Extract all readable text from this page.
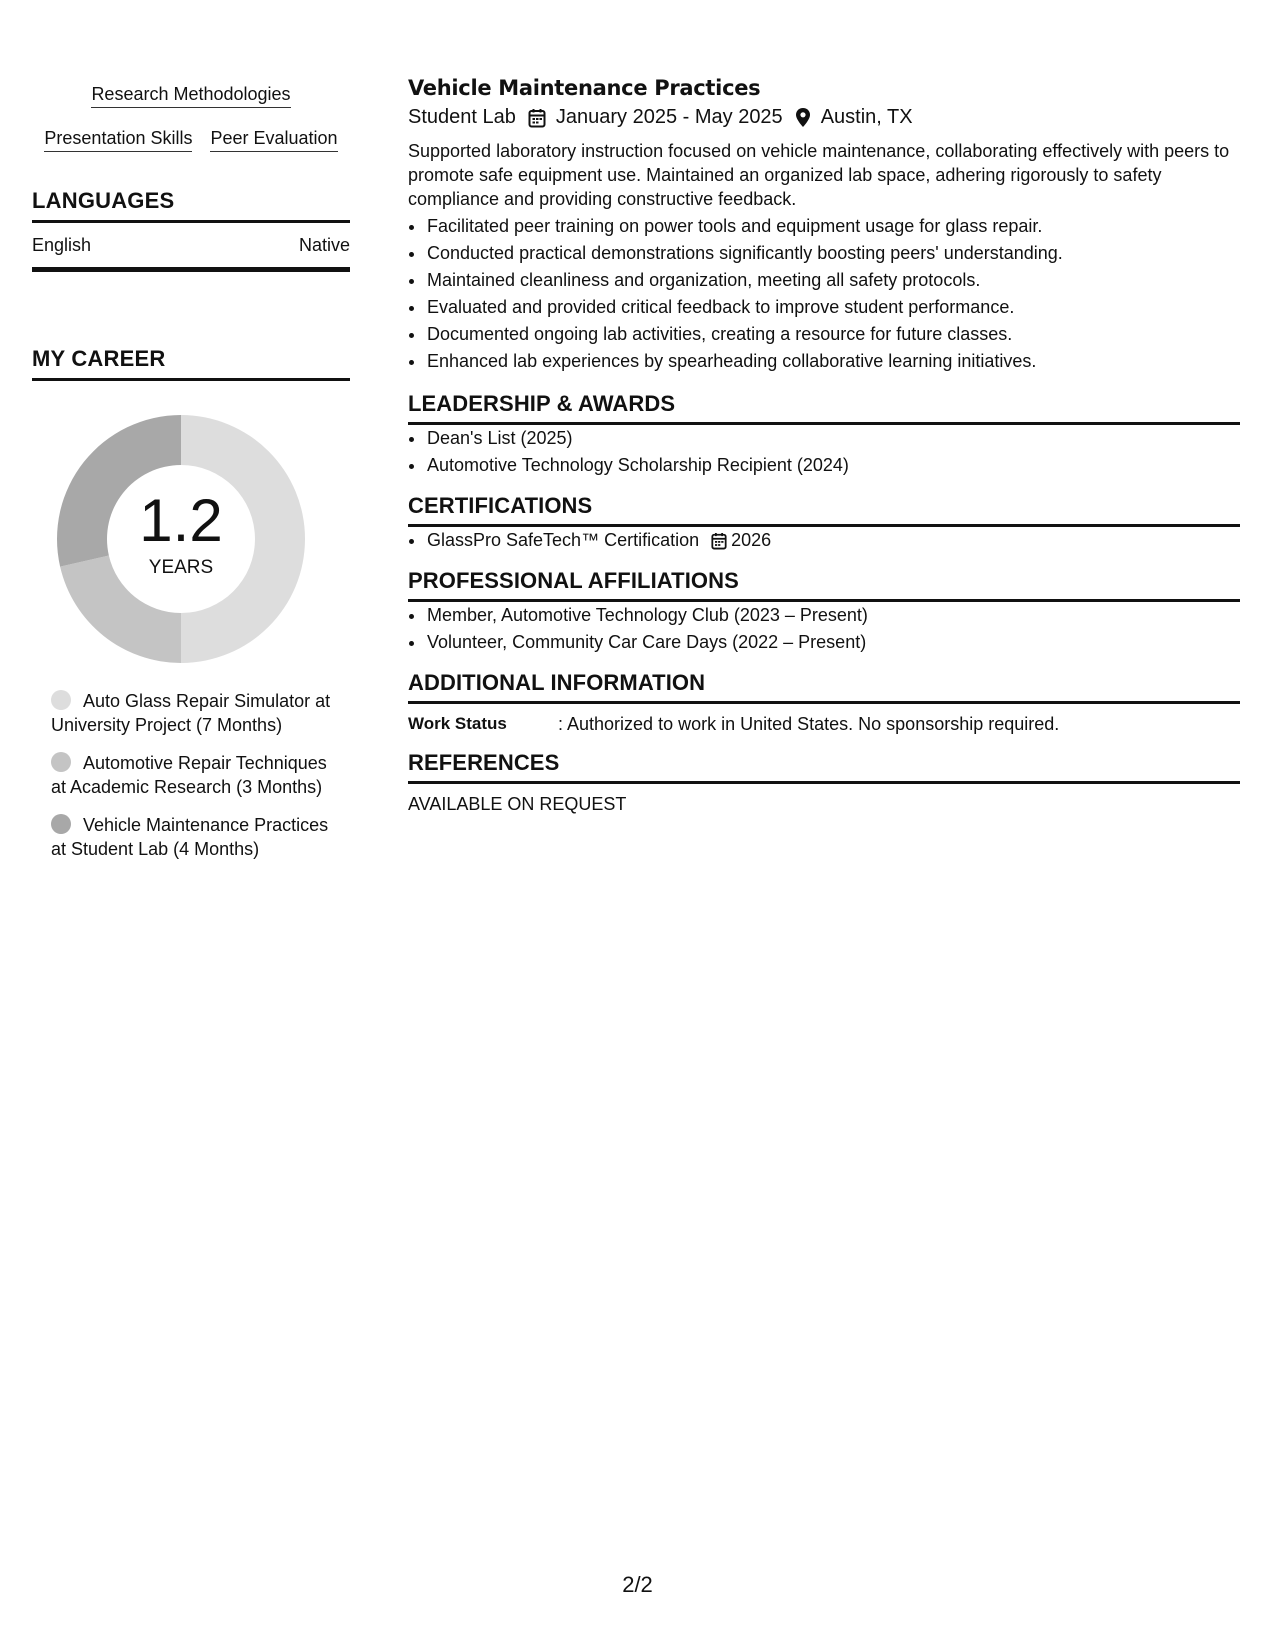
Research Methodologies
Presentation Skills Peer Evaluation
LANGUAGES
English	Native
MY CAREER
1.2
YEARS
Auto Glass Repair Simulator at University Project (7 Months)
Automotive Repair Techniques at Academic Research (3 Months)
Vehicle Maintenance Practices at Student Lab (4 Months)
Vehicle Maintenance Practices
Student Lab January 2025 - May 2025 Austin, TX

Supported laboratory instruction focused on vehicle maintenance, collaborating effectively with peers to promote safe equipment use. Maintained an organized lab space, adhering rigorously to safety compliance and providing constructive feedback.

• Facilitated peer training on power tools and equipment usage for glass repair.
• Conducted practical demonstrations significantly boosting peers' understanding.
• Maintained cleanliness and organization, meeting all safety protocols.
• Evaluated and provided critical feedback to improve student performance.
• Documented ongoing lab activities, creating a resource for future classes.
• Enhanced lab experiences by spearheading collaborative learning initiatives.
LEADERSHIP & AWARDS
• Dean's List (2025)
• Automotive Technology Scholarship Recipient (2024)
CERTIFICATIONS
• GlassPro SafeTech™ Certification 2026
PROFESSIONAL AFFILIATIONS
• Member, Automotive Technology Club (2023 – Present)
• Volunteer, Community Car Care Days (2022 – Present)
ADDITIONAL INFORMATION
Work Status	: Authorized to work in United States. No sponsorship required.
REFERENCES
AVAILABLE ON REQUEST
2/2
